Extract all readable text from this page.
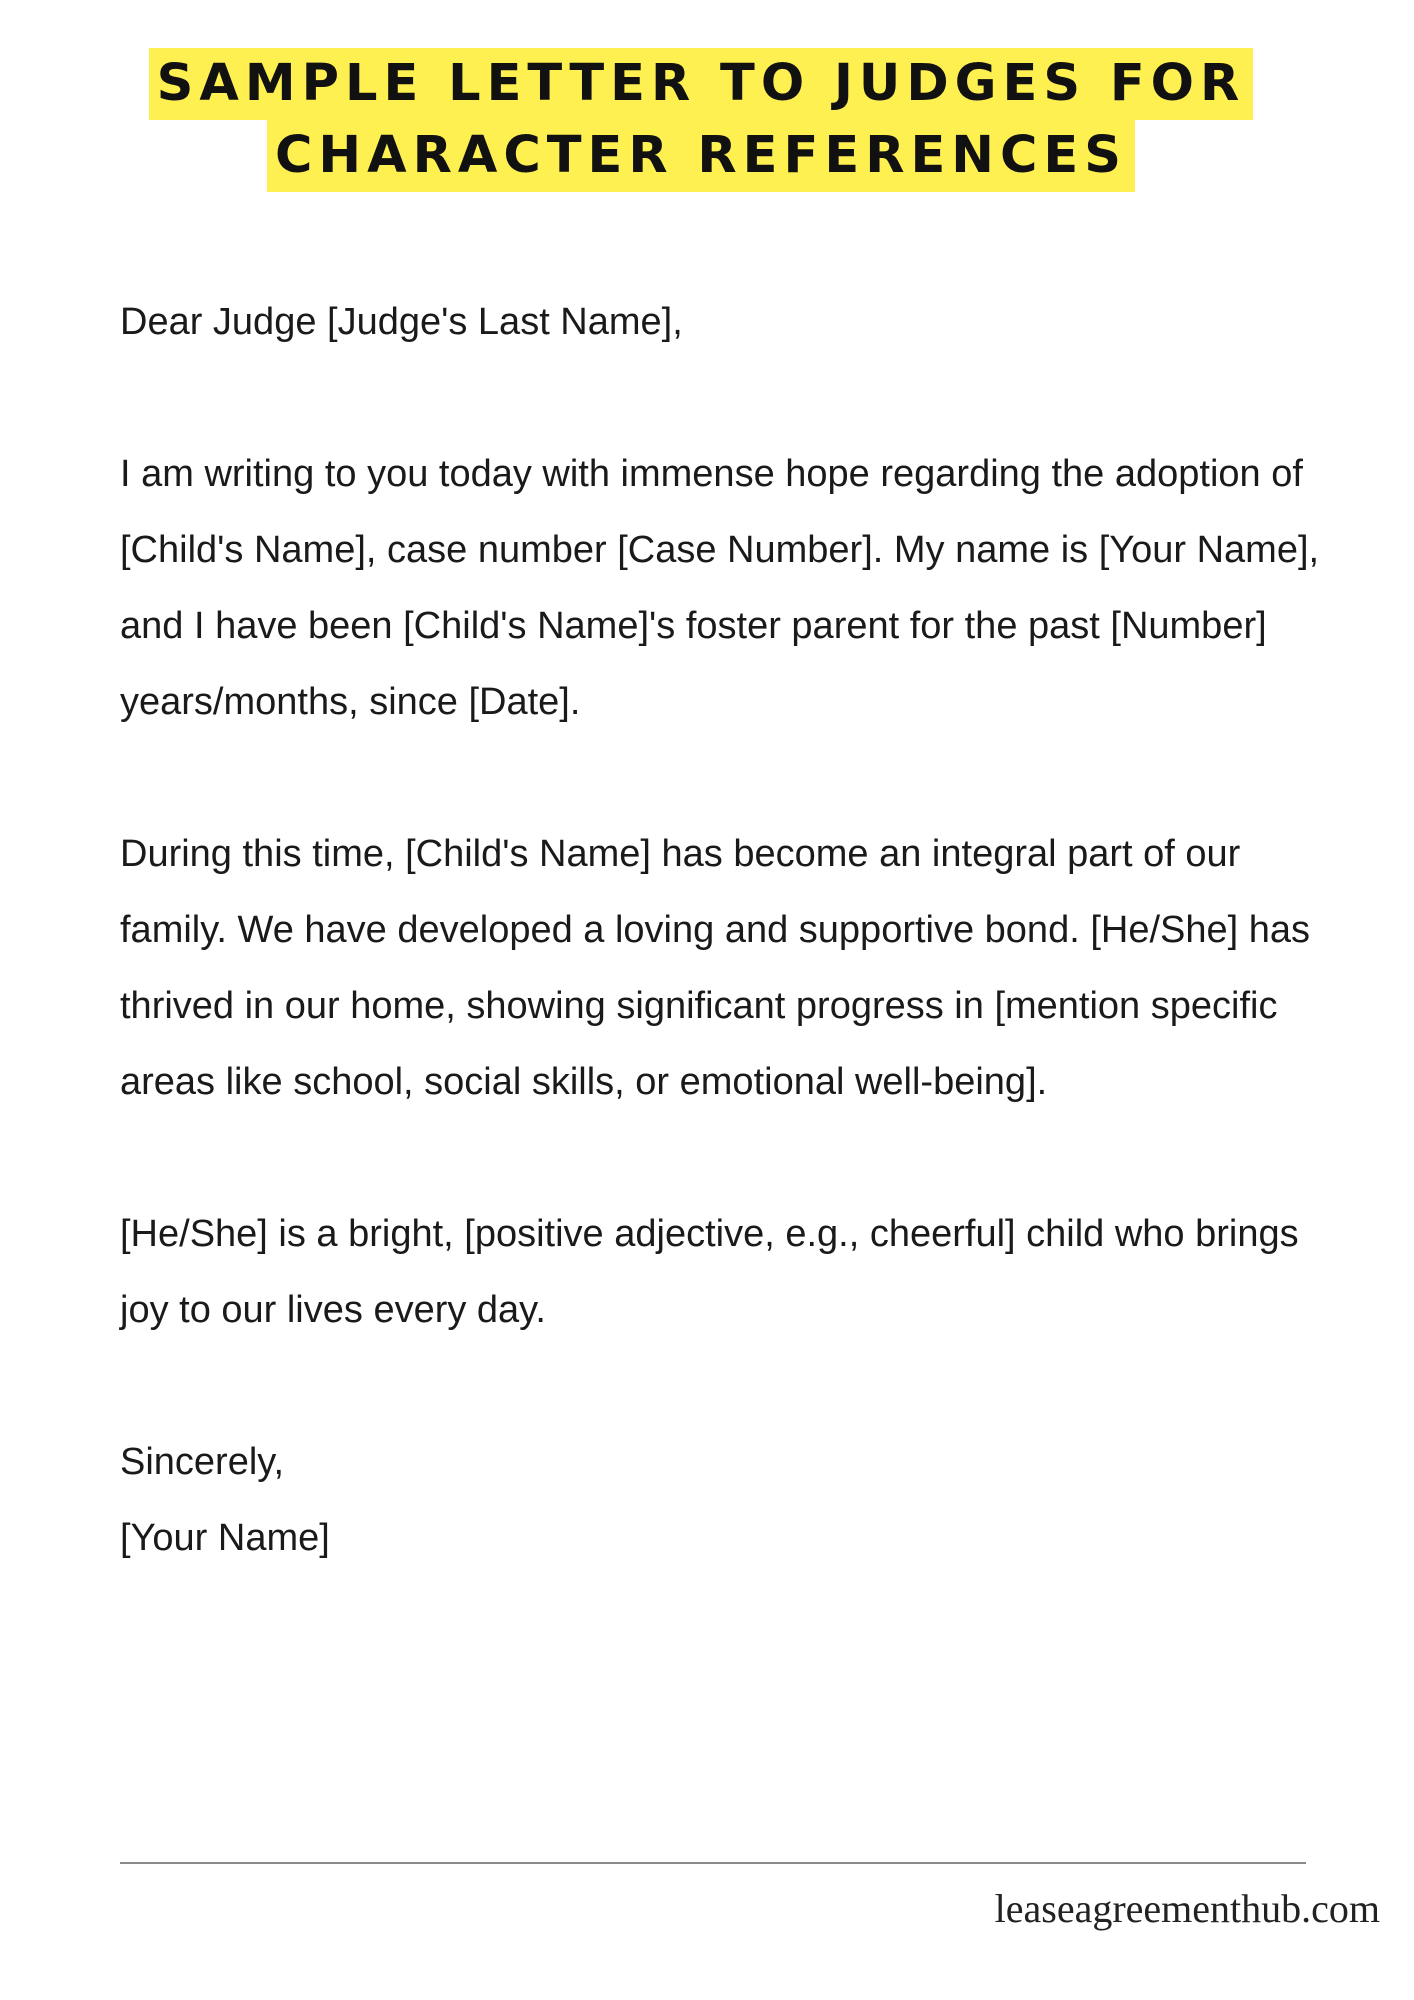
SAMPLE LETTER TO JUDGES FOR
CHARACTER REFERENCES

Dear Judge [Judge's Last Name],

I am writing to you today with immense hope regarding the adoption of [Child's Name], case number [Case Number]. My name is [Your Name], and I have been [Child's Name]'s foster parent for the past [Number] years/months, since [Date].

During this time, [Child's Name] has become an integral part of our family. We have developed a loving and supportive bond. [He/She] has thrived in our home, showing significant progress in [mention specific areas like school, social skills, or emotional well-being].

[He/She] is a bright, [positive adjective, e.g., cheerful] child who brings joy to our lives every day.

Sincerely,
[Your Name]
leaseagreementhub.com
